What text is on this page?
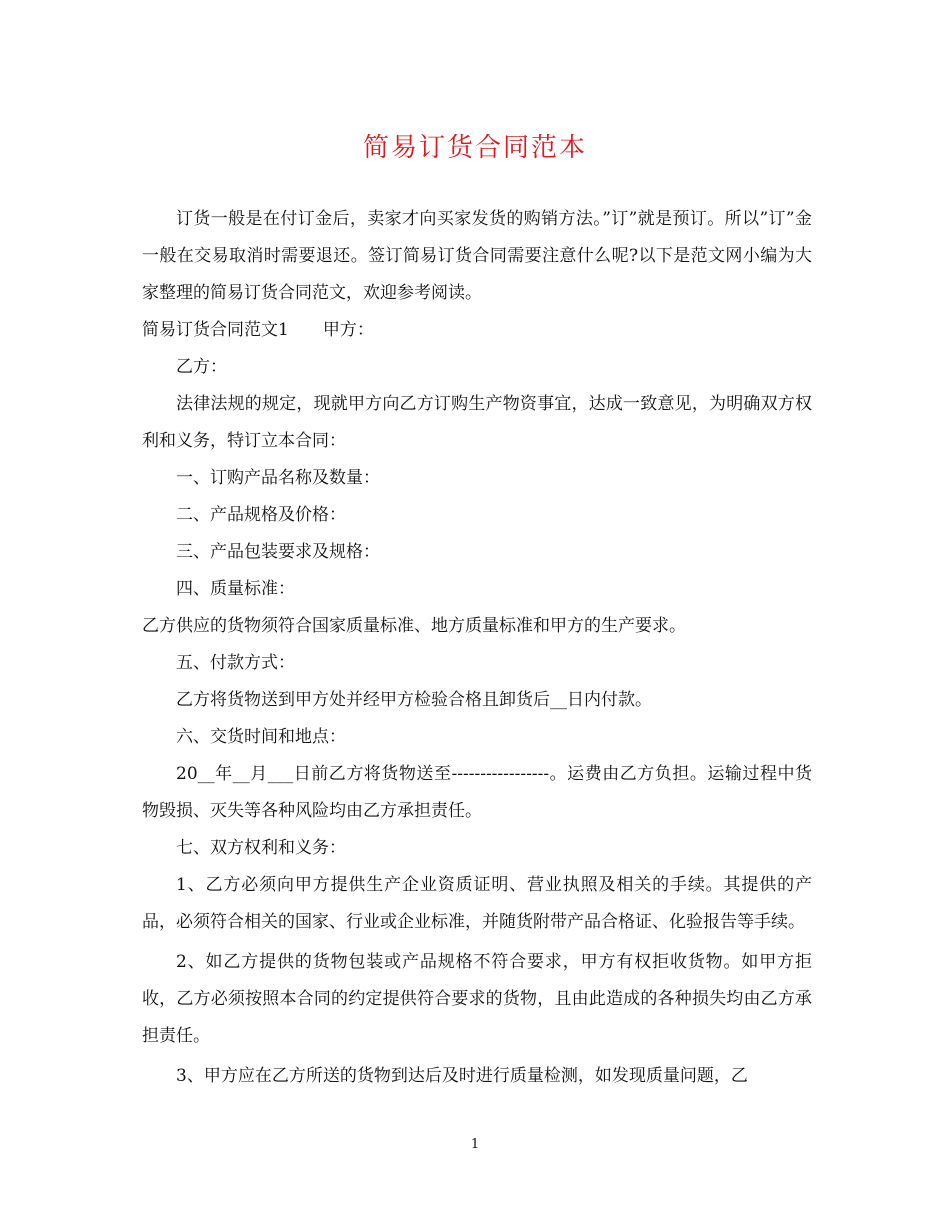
简易订货合同范本

订货一般是在付订金后，卖家才向买家发货的购销方法。”订”就是预订。所以”订”金一般在交易取消时需要退还。签订简易订货合同需要注意什么呢?以下是范文网小编为大家整理的简易订货合同范文，欢迎参考阅读。

简易订货合同范文1　　甲方：

乙方：

法律法规的规定，现就甲方向乙方订购生产物资事宜，达成一致意见，为明确双方权利和义务，特订立本合同：

一、订购产品名称及数量：

二、产品规格及价格：

三、产品包装要求及规格：

四、质量标准：

乙方供应的货物须符合国家质量标准、地方质量标准和甲方的生产要求。

五、付款方式：

乙方将货物送到甲方处并经甲方检验合格且卸货后__日内付款。

六、交货时间和地点：

20__年__月___日前乙方将货物送至-----------------。运费由乙方负担。运输过程中货物毁损、灭失等各种风险均由乙方承担责任。

七、双方权利和义务：

1、乙方必须向甲方提供生产企业资质证明、营业执照及相关的手续。其提供的产品，必须符合相关的国家、行业或企业标准，并随货附带产品合格证、化验报告等手续。

2、如乙方提供的货物包装或产品规格不符合要求，甲方有权拒收货物。如甲方拒收，乙方必须按照本合同的约定提供符合要求的货物，且由此造成的各种损失均由乙方承担责任。

3、甲方应在乙方所送的货物到达后及时进行质量检测，如发现质量问题，乙

1
